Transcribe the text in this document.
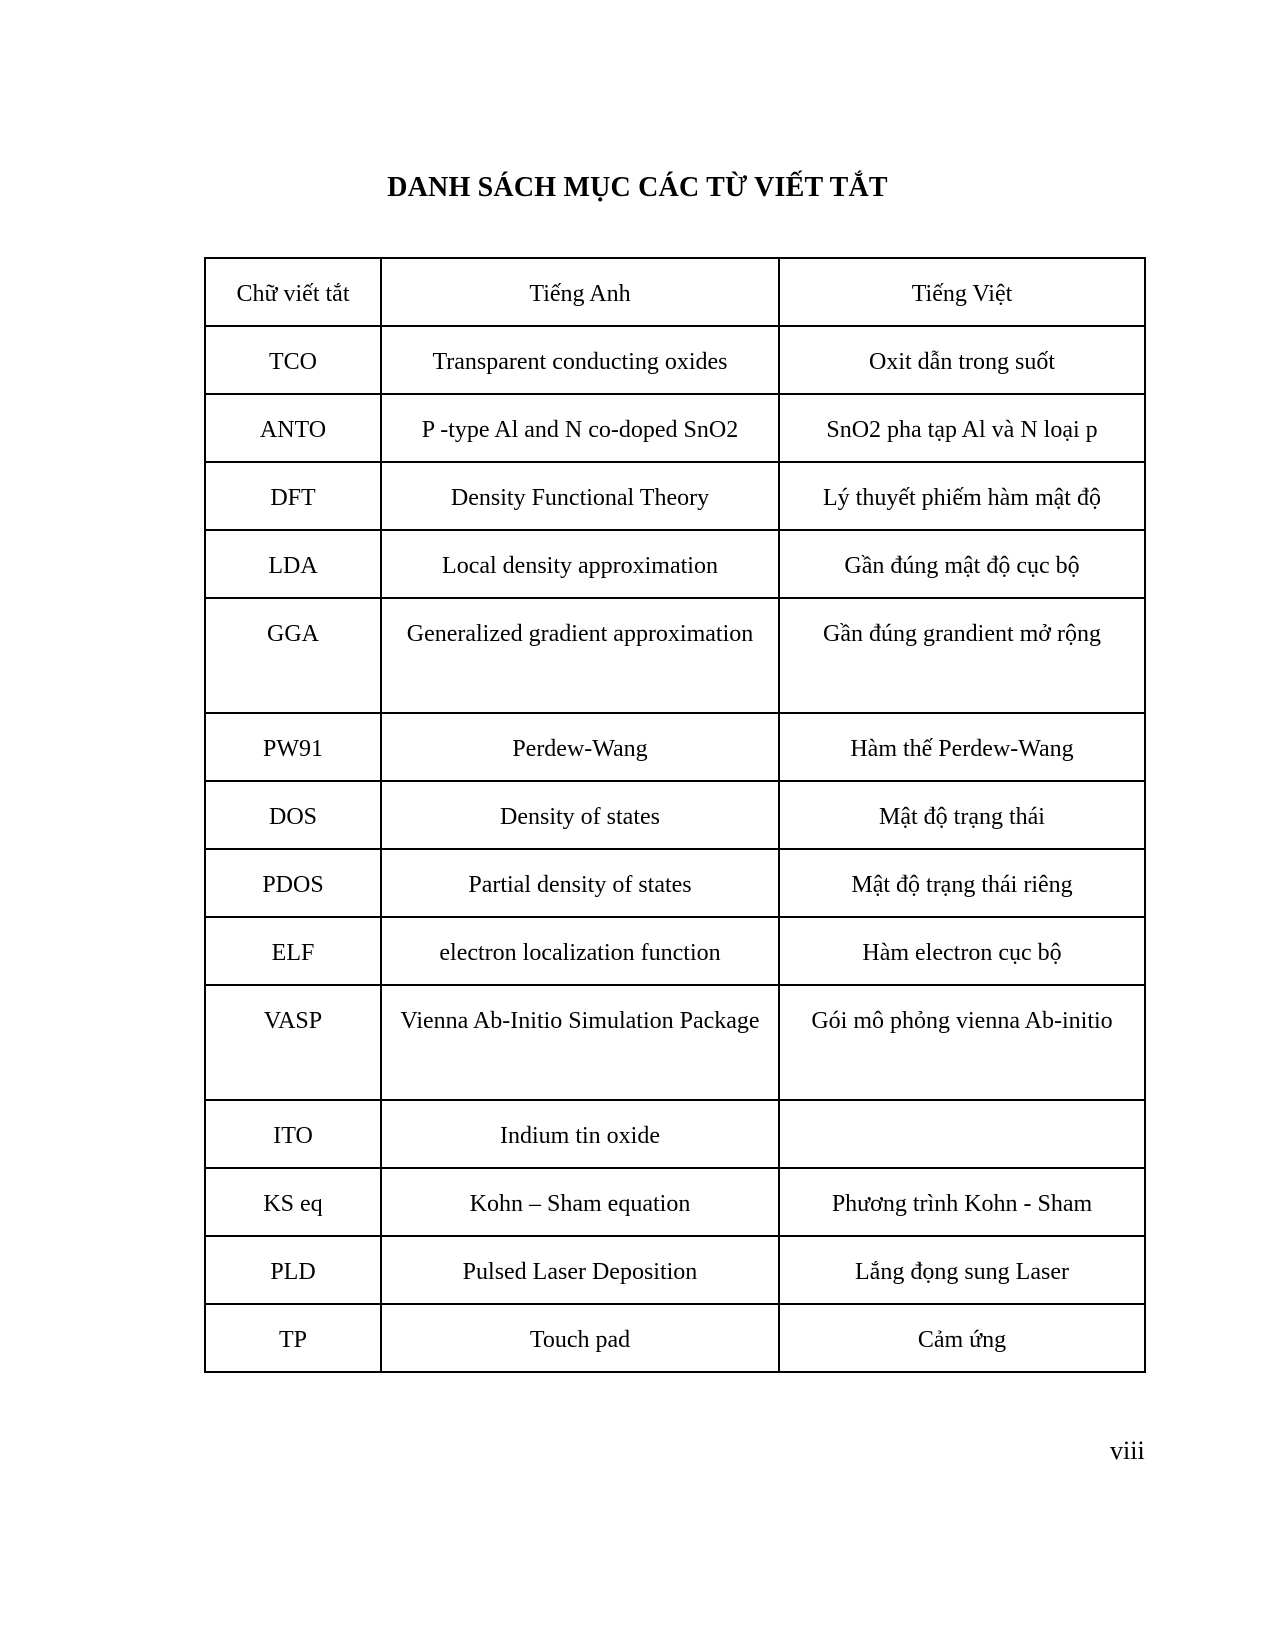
DANH SÁCH MỤC CÁC TỪ VIẾT TẮT
Chữ viết tắt	Tiếng Anh	Tiếng Việt

TCO	Transparent conducting oxides	Oxit dẫn trong suốt

ANTO	P -type Al and N co-doped SnO2	SnO2 pha tạp Al và N loại p

DFT	Density Functional Theory	Lý thuyết phiếm hàm mật độ

LDA	Local density approximation	Gần đúng mật độ cục bộ

GGA	Generalized gradient approximation	Gần đúng grandient mở rộng

PW91	Perdew-Wang	Hàm thế Perdew-Wang

DOS	Density of states	Mật độ trạng thái

PDOS	Partial density of states	Mật độ trạng thái riêng

ELF	electron localization function	Hàm electron cục bộ

VASP	Vienna Ab-Initio Simulation Package	Gói mô phỏng vienna Ab-initio

ITO	Indium tin oxide	

KS eq	Kohn – Sham equation	Phương trình Kohn - Sham

PLD	Pulsed Laser Deposition	Lắng đọng sung Laser

TP	Touch pad	Cảm ứng
viii
